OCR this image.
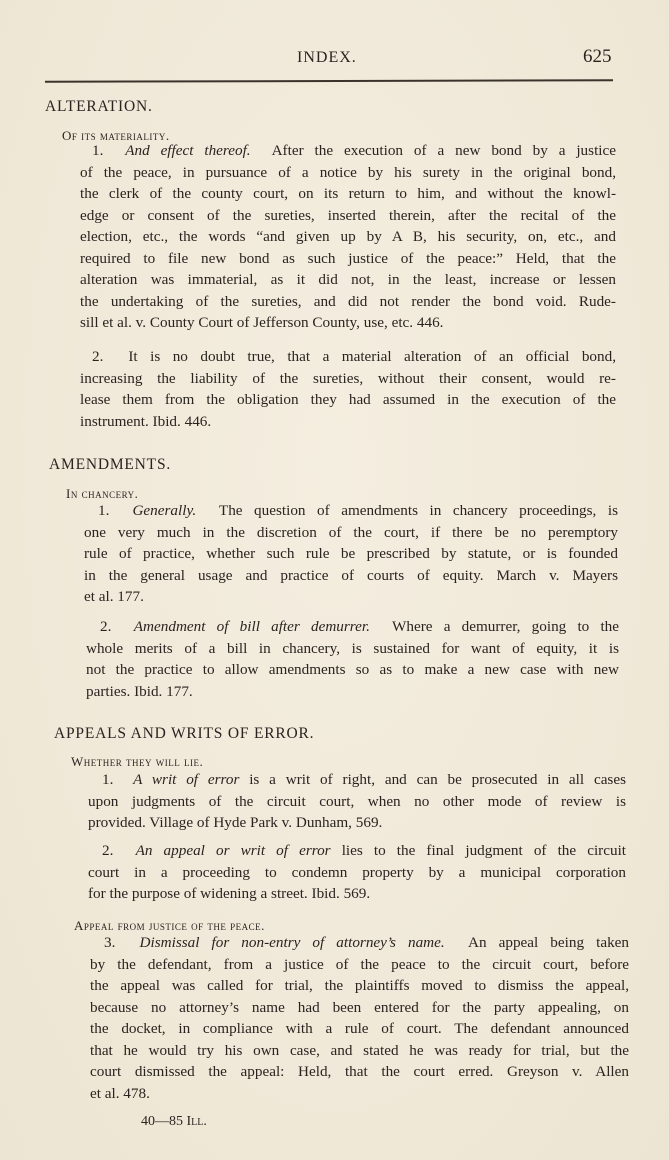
INDEX.	625
ALTERATION.
Of its materiality.
1. And effect thereof. After the execution of a new bond by a justice
of the peace, in pursuance of a notice by his surety in the original bond,
the clerk of the county court, on its return to him, and without the knowl-
edge or consent of the sureties, inserted therein, after the recital of the
election, etc., the words “and given up by A B, his security, on, etc., and
required to file new bond as such justice of the peace:” Held, that the
alteration was immaterial, as it did not, in the least, increase or lessen
the undertaking of the sureties, and did not render the bond void. Rude-
sill et al. v. County Court of Jefferson County, use, etc. 446.
2. It is no doubt true, that a material alteration of an official bond,
increasing the liability of the sureties, without their consent, would re-
lease them from the obligation they had assumed in the execution of the
instrument. Ibid. 446.
AMENDMENTS.
In chancery.
1. Generally. The question of amendments in chancery proceedings, is
one very much in the discretion of the court, if there be no peremptory
rule of practice, whether such rule be prescribed by statute, or is founded
in the general usage and practice of courts of equity. March v. Mayers
et al. 177.
2. Amendment of bill after demurrer. Where a demurrer, going to the
whole merits of a bill in chancery, is sustained for want of equity, it is
not the practice to allow amendments so as to make a new case with new
parties. Ibid. 177.
APPEALS AND WRITS OF ERROR.
Whether they will lie.
1. A writ of error is a writ of right, and can be prosecuted in all cases
upon judgments of the circuit court, when no other mode of review is
provided. Village of Hyde Park v. Dunham, 569.
2. An appeal or writ of error lies to the final judgment of the circuit
court in a proceeding to condemn property by a municipal corporation
for the purpose of widening a street. Ibid. 569.
Appeal from justice of the peace.
3. Dismissal for non-entry of attorney’s name. An appeal being taken
by the defendant, from a justice of the peace to the circuit court, before
the appeal was called for trial, the plaintiffs moved to dismiss the appeal,
because no attorney’s name had been entered for the party appealing, on
the docket, in compliance with a rule of court. The defendant announced
that he would try his own case, and stated he was ready for trial, but the
court dismissed the appeal: Held, that the court erred. Greyson v. Allen
et al. 478.
40—85 Ill.
